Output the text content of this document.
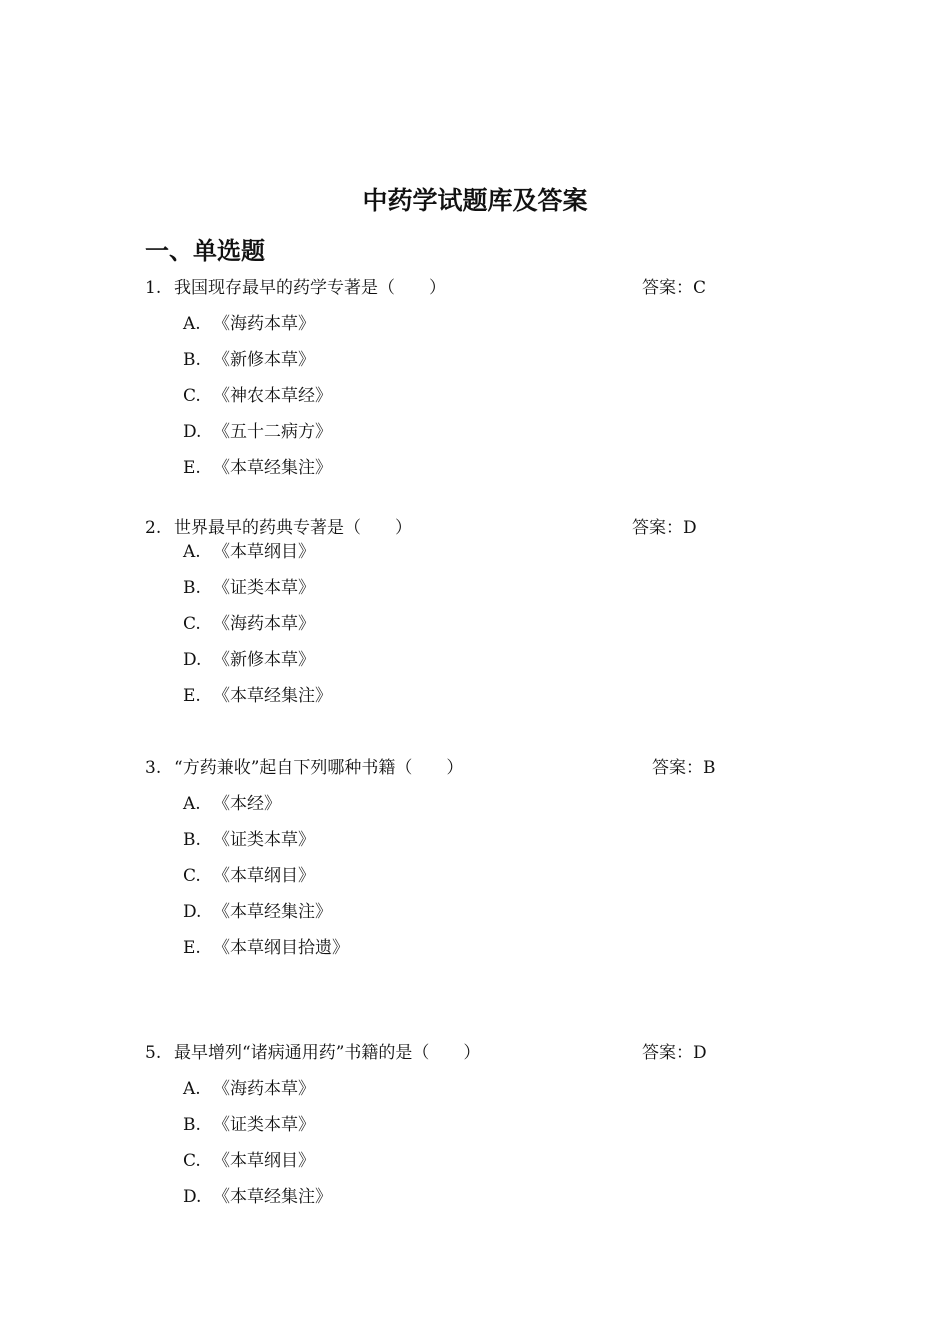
中药学试题库及答案
一、单选题
1. 我国现存最早的药学专著是（　　）	答案：C
A. 《海药本草》
B. 《新修本草》
C. 《神农本草经》
D. 《五十二病方》
E. 《本草经集注》
2. 世界最早的药典专著是（　　）	答案：D
A. 《本草纲目》
B. 《证类本草》
C. 《海药本草》
D. 《新修本草》
E. 《本草经集注》
3. “方药兼收”起自下列哪种书籍（　　）	答案：B
A. 《本经》
B. 《证类本草》
C. 《本草纲目》
D. 《本草经集注》
E. 《本草纲目拾遗》
5. 最早增列“诸病通用药”书籍的是（　　）	答案：D
A. 《海药本草》
B. 《证类本草》
C. 《本草纲目》
D. 《本草经集注》
